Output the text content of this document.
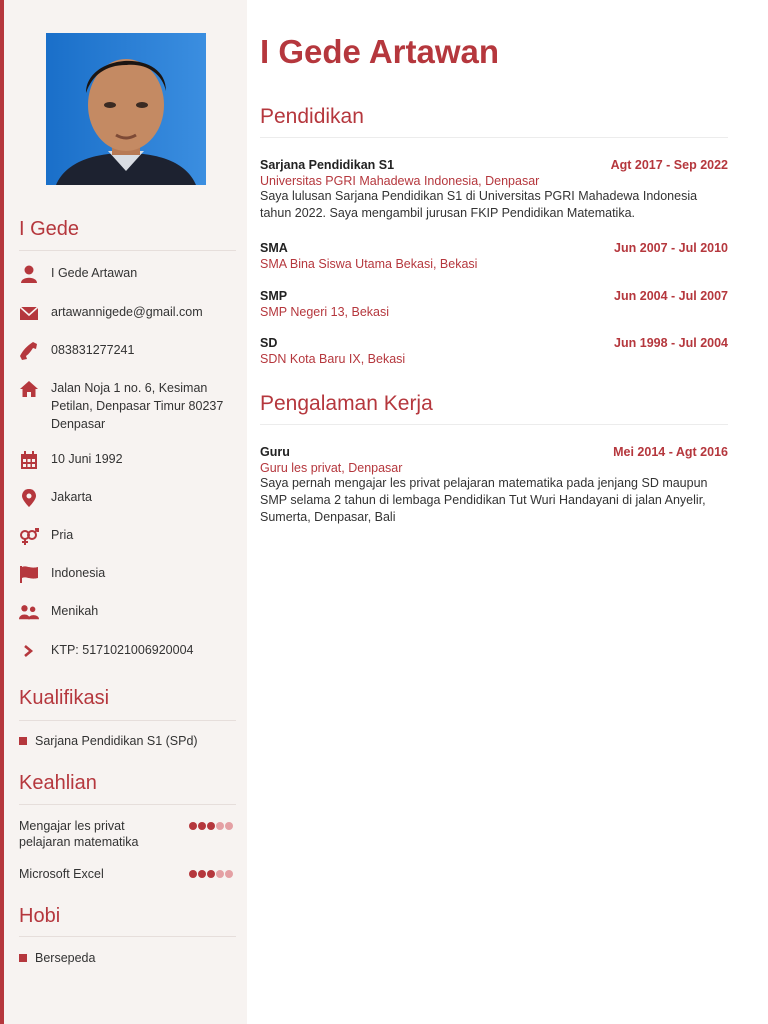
I Gede
I Gede Artawan
artawannigede@gmail.com
083831277241
Jalan Noja 1 no. 6, Kesiman Petilan, Denpasar Timur 80237 Denpasar
10 Juni 1992
Jakarta
Pria
Indonesia
Menikah
KTP: 5171021006920004
Kualifikasi
Sarjana Pendidikan S1 (SPd)
Keahlian
Mengajar les privat pelajaran matematika
Microsoft Excel
Hobi
Bersepeda
I Gede Artawan
Pendidikan
Sarjana Pendidikan S1	Agt 2017 - Sep 2022
Universitas PGRI Mahadewa Indonesia, Denpasar
Saya lulusan Sarjana Pendidikan S1 di Universitas PGRI Mahadewa Indonesia tahun 2022. Saya mengambil jurusan FKIP Pendidikan Matematika.
SMA	Jun 2007 - Jul 2010
SMA Bina Siswa Utama Bekasi, Bekasi
SMP	Jun 2004 - Jul 2007
SMP Negeri 13, Bekasi
SD	Jun 1998 - Jul 2004
SDN Kota Baru IX, Bekasi
Pengalaman Kerja
Guru	Mei 2014 - Agt 2016
Guru les privat, Denpasar
Saya pernah mengajar les privat pelajaran matematika pada jenjang SD maupun SMP selama 2 tahun di lembaga Pendidikan Tut Wuri Handayani di jalan Anyelir, Sumerta, Denpasar, Bali
